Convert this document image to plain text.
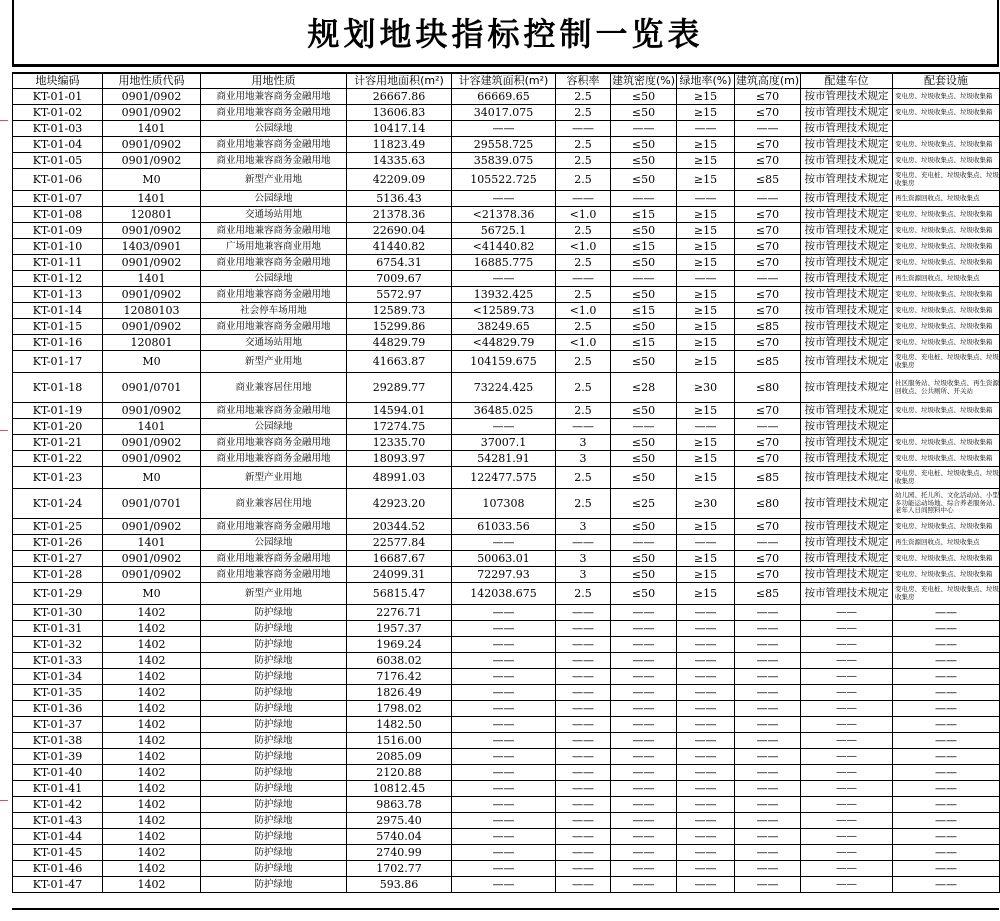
规划地块指标控制一览表
地块编码	用地性质代码	用地性质	计容用地面积(m²)	计容建筑面积(m²)	容积率	建筑密度(%)	绿地率(%)	建筑高度(m)	配建车位	配套设施
KT-01-01	0901/0902	商业用地兼容商务金融用地	26667.86	66669.65	2.5	≤50	≥15	≤70	按市管理技术规定	变电房、垃圾收集点、垃圾收集箱
KT-01-02	0901/0902	商业用地兼容商务金融用地	13606.83	34017.075	2.5	≤50	≥15	≤70	按市管理技术规定	变电房、垃圾收集点、垃圾收集箱
KT-01-03	1401	公园绿地	10417.14	——	——	——	——	——	按市管理技术规定	
KT-01-04	0901/0902	商业用地兼容商务金融用地	11823.49	29558.725	2.5	≤50	≥15	≤70	按市管理技术规定	变电房、垃圾收集点、垃圾收集箱
KT-01-05	0901/0902	商业用地兼容商务金融用地	14335.63	35839.075	2.5	≤50	≥15	≤70	按市管理技术规定	变电房、垃圾收集点、垃圾收集箱
KT-01-06	M0	新型产业用地	42209.09	105522.725	2.5	≤50	≥15	≤85	按市管理技术规定	变电房、充电桩、垃圾收集点、垃圾收集房
KT-01-07	1401	公园绿地	5136.43	——	——	——	——	——	按市管理技术规定	再生资源回收点、垃圾收集点
KT-01-08	120801	交通场站用地	21378.36	<21378.36	<1.0	≤15	≥15	≤70	按市管理技术规定	变电房、垃圾收集点、垃圾收集箱
KT-01-09	0901/0902	商业用地兼容商务金融用地	22690.04	56725.1	2.5	≤50	≥15	≤70	按市管理技术规定	变电房、垃圾收集点、垃圾收集箱
KT-01-10	1403/0901	广场用地兼容商业用地	41440.82	<41440.82	<1.0	≤15	≥15	≤70	按市管理技术规定	变电房、垃圾收集点、垃圾收集箱
KT-01-11	0901/0902	商业用地兼容商务金融用地	6754.31	16885.775	2.5	≤50	≥15	≤70	按市管理技术规定	变电房、垃圾收集点、垃圾收集箱
KT-01-12	1401	公园绿地	7009.67	——	——	——	——	——	按市管理技术规定	再生资源回收点、垃圾收集点
KT-01-13	0901/0902	商业用地兼容商务金融用地	5572.97	13932.425	2.5	≤50	≥15	≤70	按市管理技术规定	变电房、垃圾收集点、垃圾收集箱
KT-01-14	12080103	社会停车场用地	12589.73	<12589.73	<1.0	≤15	≥15	≤70	按市管理技术规定	变电房、垃圾收集点、垃圾收集箱
KT-01-15	0901/0902	商业用地兼容商务金融用地	15299.86	38249.65	2.5	≤50	≥15	≤85	按市管理技术规定	变电房、垃圾收集点、垃圾收集箱
KT-01-16	120801	交通场站用地	44829.79	<44829.79	<1.0	≤15	≥15	≤70	按市管理技术规定	变电房、垃圾收集点、垃圾收集箱
KT-01-17	M0	新型产业用地	41663.87	104159.675	2.5	≤50	≥15	≤85	按市管理技术规定	变电房、充电桩、垃圾收集点、垃圾收集房
KT-01-18	0901/0701	商业兼容居住用地	29289.77	73224.425	2.5	≤28	≥30	≤80	按市管理技术规定	社区服务站、垃圾收集点、再生资源回收点、公共厕所、开关站
KT-01-19	0901/0902	商业用地兼容商务金融用地	14594.01	36485.025	2.5	≤50	≥15	≤70	按市管理技术规定	变电房、垃圾收集点、垃圾收集箱
KT-01-20	1401	公园绿地	17274.75	——	——	——	——	——	按市管理技术规定	
KT-01-21	0901/0902	商业用地兼容商务金融用地	12335.70	37007.1	3	≤50	≥15	≤70	按市管理技术规定	变电房、垃圾收集点、垃圾收集箱
KT-01-22	0901/0902	商业用地兼容商务金融用地	18093.97	54281.91	3	≤50	≥15	≤70	按市管理技术规定	变电房、垃圾收集点、垃圾收集箱
KT-01-23	M0	新型产业用地	48991.03	122477.575	2.5	≤50	≥15	≤85	按市管理技术规定	变电房、充电桩、垃圾收集点、垃圾收集房
KT-01-24	0901/0701	商业兼容居住用地	42923.20	107308	2.5	≤25	≥30	≤80	按市管理技术规定	幼儿园、托儿所、文化活动站、小型多功能运动场地、综合养老服务站、老年人日间照料中心
KT-01-25	0901/0902	商业用地兼容商务金融用地	20344.52	61033.56	3	≤50	≥15	≤70	按市管理技术规定	变电房、垃圾收集点、垃圾收集箱
KT-01-26	1401	公园绿地	22577.84	——	——	——	——	——	按市管理技术规定	再生资源回收点、垃圾收集点
KT-01-27	0901/0902	商业用地兼容商务金融用地	16687.67	50063.01	3	≤50	≥15	≤70	按市管理技术规定	变电房、垃圾收集点、垃圾收集箱
KT-01-28	0901/0902	商业用地兼容商务金融用地	24099.31	72297.93	3	≤50	≥15	≤70	按市管理技术规定	变电房、垃圾收集点、垃圾收集箱
KT-01-29	M0	新型产业用地	56815.47	142038.675	2.5	≤50	≥15	≤85	按市管理技术规定	变电房、充电桩、垃圾收集点、垃圾收集房
KT-01-30	1402	防护绿地	2276.71	——	——	——	——	——	——	——
KT-01-31	1402	防护绿地	1957.37	——	——	——	——	——	——	——
KT-01-32	1402	防护绿地	1969.24	——	——	——	——	——	——	——
KT-01-33	1402	防护绿地	6038.02	——	——	——	——	——	——	——
KT-01-34	1402	防护绿地	7176.42	——	——	——	——	——	——	——
KT-01-35	1402	防护绿地	1826.49	——	——	——	——	——	——	——
KT-01-36	1402	防护绿地	1798.02	——	——	——	——	——	——	——
KT-01-37	1402	防护绿地	1482.50	——	——	——	——	——	——	——
KT-01-38	1402	防护绿地	1516.00	——	——	——	——	——	——	——
KT-01-39	1402	防护绿地	2085.09	——	——	——	——	——	——	——
KT-01-40	1402	防护绿地	2120.88	——	——	——	——	——	——	——
KT-01-41	1402	防护绿地	10812.45	——	——	——	——	——	——	——
KT-01-42	1402	防护绿地	9863.78	——	——	——	——	——	——	——
KT-01-43	1402	防护绿地	2975.40	——	——	——	——	——	——	——
KT-01-44	1402	防护绿地	5740.04	——	——	——	——	——	——	——
KT-01-45	1402	防护绿地	2740.99	——	——	——	——	——	——	——
KT-01-46	1402	防护绿地	1702.77	——	——	——	——	——	——	——
KT-01-47	1402	防护绿地	593.86	——	——	——	——	——	——	——
